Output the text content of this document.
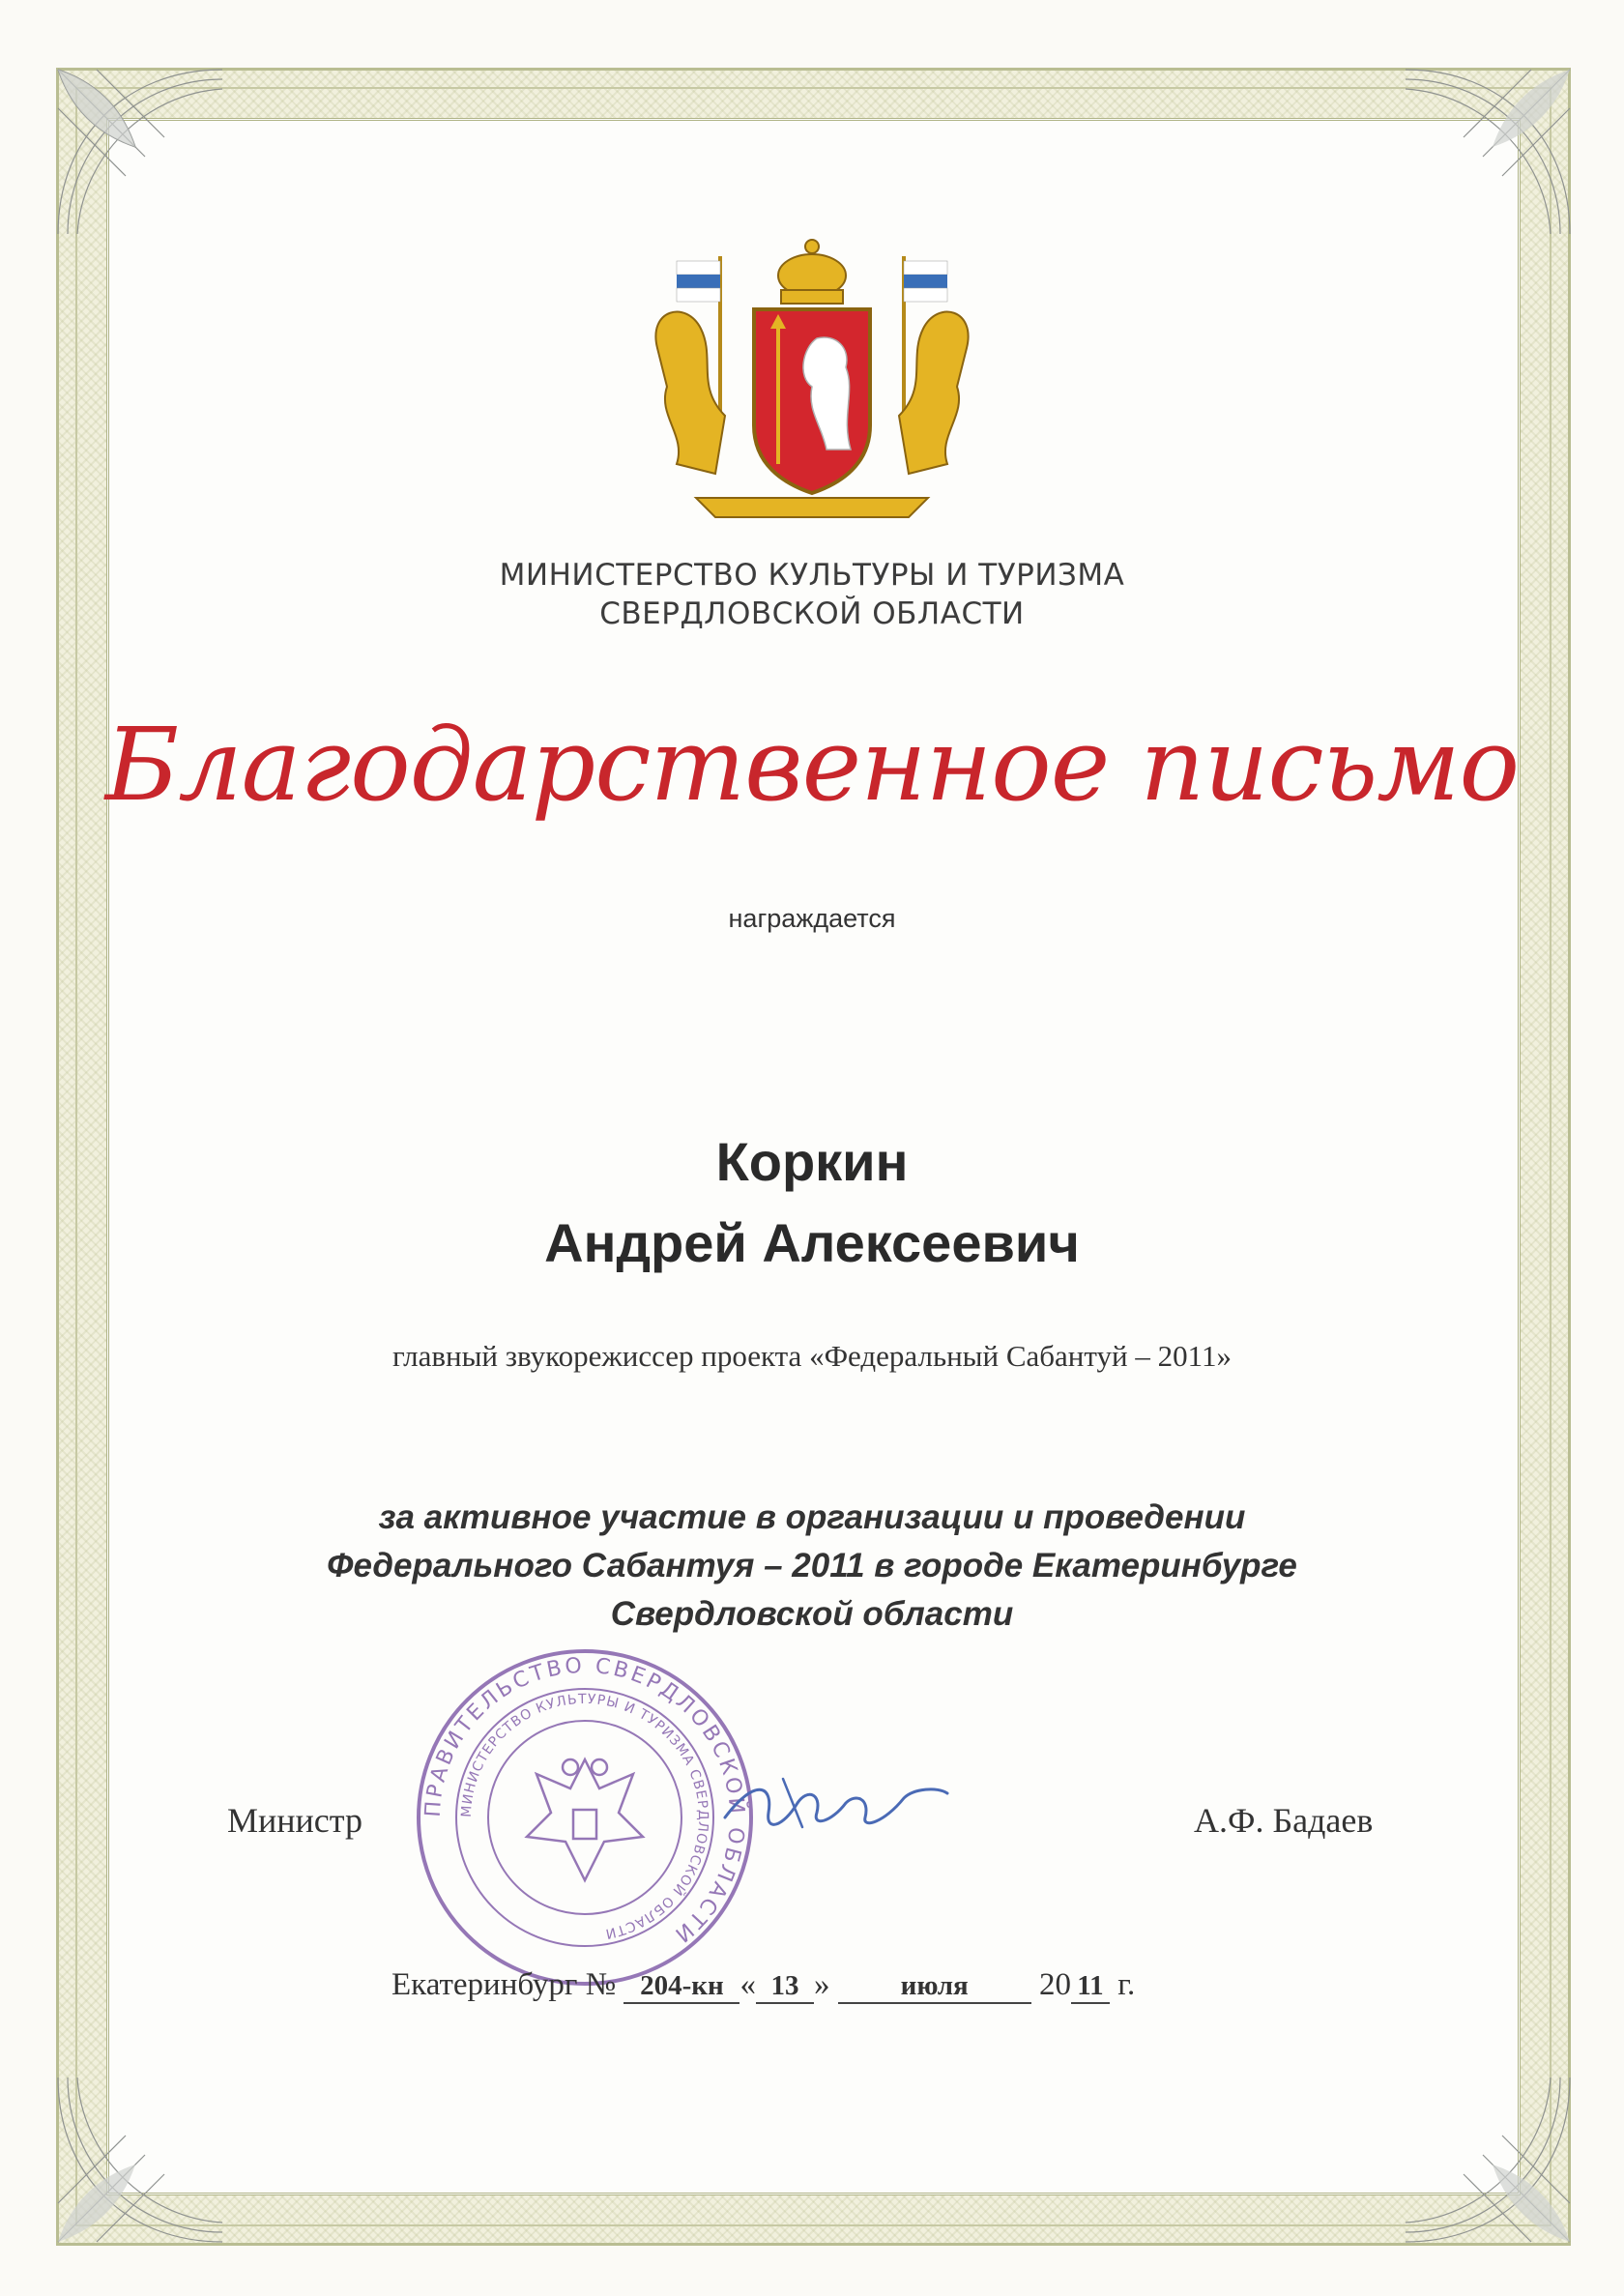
МИНИСТЕРСТВО КУЛЬТУРЫ И ТУРИЗМА
СВЕРДЛОВСКОЙ ОБЛАСТИ
Благодарственное письмо
награждается
Коркин
Андрей Алексеевич
главный звукорежиссер проекта «Федеральный Сабантуй – 2011»
за активное участие в организации и проведении
Федерального Сабантуя – 2011 в городе Екатеринбурге
Свердловской области
ПРАВИТЕЛЬСТВО СВЕРДЛОВСКОЙ ОБЛАСТИ
МИНИСТЕРСТВО КУЛЬТУРЫ И ТУРИЗМА СВЕРДЛОВСКОЙ ОБЛАСТИ
Министр	А.Ф. Бадаев
Екатеринбург № 204-кн « 13 »	июля 20 11 г.
